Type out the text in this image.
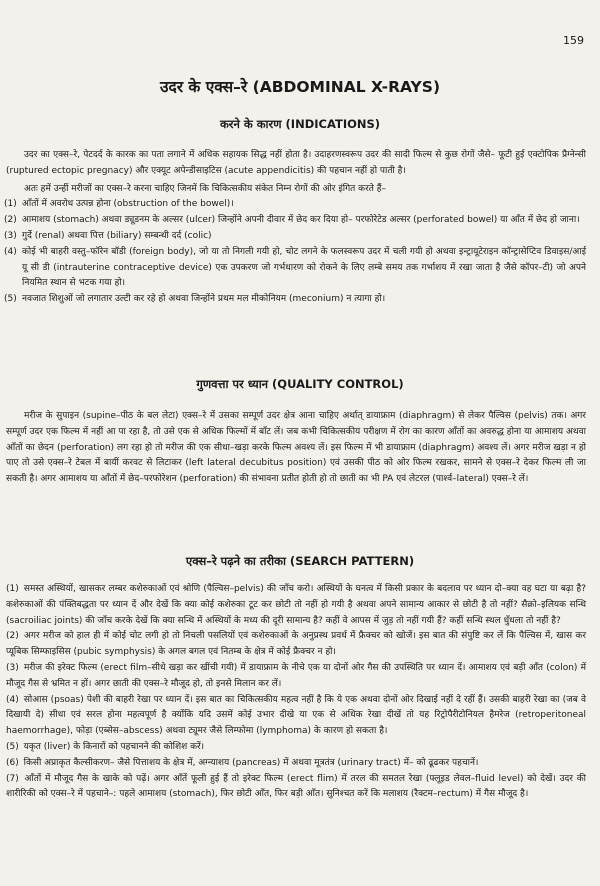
159
उदर के एक्स–रे (ABDOMINAL X-RAYS)
करने के कारण (INDICATIONS)

उदर का एक्स–रे, पेटदर्द के कारक का पता लगाने में अधिक सहायक सिद्ध नहीं होता है। उदाहरणस्वरूप उदर की सादी फिल्म से कुछ रोगों जैसे– फूटी हुई एक्टोपिक प्रैग्नेन्सी (ruptured ectopic pregnacy) और एक्यूट अपेन्डीसाइटिस (acute appendicitis) की पहचान नहीं हो पाती है।

अतः हमें उन्हीं मरीजों का एक्स–रे करना चाहिए जिनमें कि चिकित्सकीय संकेत निम्न रोगों की ओर इंगित करते हैं–

(1) आँतों में अवरोध उत्पन्न होना (obstruction of the bowel)।
(2) आमाशय (stomach) अथवा ड्यूडनम के अल्सर (ulcer) जिन्होंने अपनी दीवार में छेद कर दिया हो– परफोरेटेड अल्सर (perforated bowel) या आँत में छेद हो जाना।
(3) गुर्दे (renal) अथवा पित्त (biliary) सम्बन्धी दर्द (colic)
(4) कोई भी बाहरी वस्तु–फॉरेन बॉडी (foreign body), जो या तो निगली गयी हो, चोट लगने के फलस्वरूप उदर में चली गयी हो अथवा इन्ट्रायूटेराइन कॉन्ट्रासेप्टिव डिवाइस/आई यू सी डी (intrauterine contraceptive device) एक उपकरण जो गर्भधारण को रोकने के लिए लम्बे समय तक गर्भाशय में रखा जाता है जैसे कॉपर–टी) जो अपने नियमित स्थान से भटक गया हो।
(5) नवजात शिशुओं जो लगातार उल्टी कर रहे हो अथवा जिन्होंने प्रथम मल मीकोनियम (meconium) न त्यागा हो।
गुणवत्ता पर ध्यान (QUALITY CONTROL)

मरीज के सुपाइन (supine–पीठ के बल लेटा) एक्स–रे में उसका सम्पूर्ण उदर क्षेत्र आना चाहिए अर्थात् डायाफ्राम (diaphragm) से लेकर पैल्विस (pelvis) तक। अगर सम्पूर्ण उदर एक फिल्म में नहीं आ पा रहा है, तो उसे एक से अधिक फिल्मों में बाँट लें। जब कभी चिकित्सकीय परीक्षण में रोग का कारण आँतों का अवरुद्ध होना या आमाशय अथवा आँतों का छेदन (perforation) लग रहा हो तो मरीज की एक सीधा–खड़ा करके फिल्म अवश्य लें। इस फिल्म में भी डायाफ्राम (diaphragm) अवश्य लें। अगर मरीज खड़ा न हो पाए तो उसे एक्स–रे टेबल में बायीं करवट से लिटाकर (left lateral decubitus position) एवं उसकी पीठ को ओर फिल्म रखकर, सामने से एक्स–रे देकर फिल्म ली जा सकती है। अगर आमाशय या आँतों में छेद–परफोरेशन (perforation) की संभावना प्रतीत होती हो तो छाती का भी PA एवं लेटरल (पार्श्व–lateral) एक्स–रे लें।

एक्स–रे पढ़ने का तरीका (SEARCH PATTERN)
(1) समस्त अस्थियों, खासकर लम्बर कशेरुकाओं एवं श्रोणि (पैल्विस–pelvis) की जाँच करो। अस्थियों के घनत्व में किसी प्रकार के बदलाव पर ध्यान दो–क्या वह घटा या बढ़ा है? कशेरुकाओं की पंक्तिबद्धता पर ध्यान दें और देखें कि क्या कोई कशेरुका टूट कर छोटी तो नहीं हो गयी है अथवा अपने सामान्य आकार से छोटी है तो नहीं? सैक्रो–इलियक सन्धि (sacroiliac joints) की जाँच करके देखें कि क्या सन्धि में अस्थियों के मध्य की दूरी सामान्य है? कहीं वे आपस में जुड़ तो नहीं गयी हैं? कहीं सन्धि स्थल धुँधला तो नहीं है?
(2) अगर मरीज को हाल ही में कोई चोट लगी हो तो निचली पसलियों एवं कशेरुकाओं के अनुप्रस्थ प्रवर्ध में फ्रैक्चर को खोजें। इस बात की संपुष्टि कर लें कि पैल्विस में, खास कर प्यूबिक सिम्फाइसिस (pubic symphysis) के अगल बगल एवं नितम्ब के क्षेत्र में कोई फ्रैक्चर न हो।
(3) मरीज की इरेक्ट फिल्म (erect film–सीधे खड़ा कर खींची गयी) में डायाफ्राम के नीचे एक या दोनों ओर गैस की उपस्थिति पर ध्यान दें। आमाशय एवं बड़ी आँत (colon) में मौजूद गैस से भ्रमित न हों। अगर छाती की एक्स–रे मौजूद हो, तो इनसे मिलान कर लें।
(4) सोआस (psoas) पेशी की बाहरी रेखा पर ध्यान दें। इस बात का चिकित्सकीय महत्व नहीं है कि ये एक अथवा दोनों ओर दिखाई नहीं दे रहीं हैं। उसकी बाहरी रेखा का (जब वे दिखायी दे) सीधा एवं सरल होना महत्वपूर्ण है क्योंकि यदि उसमें कोई उभार दीखे या एक से अधिक रेखा दीखें तो यह रिट्रोपैरीटोनियल हैमरेज (retroperitoneal haemorrhage), फोड़ा (एब्सेस–abscess) अथवा ट्यूमर जैसे लिम्फोमा (lymphoma) के कारण हो सकता है।
(5) यकृत (liver) के किनारों को पहचानने की कोशिश करें।
(6) किसी अप्राकृत कैल्सीकरण– जैसे पित्ताशय के क्षेत्र में, अग्न्याशय (pancreas) में अथवा मूत्रतंत्र (urinary tract) में– को ढूढकर पहचानें।
(7) आँतों में मौजूद गैस के खाके को पढ़ें। अगर आँतें फूली हुई हैं तो इरेक्ट फिल्म (erect flim) में तरल की समतल रेखा (फ्लूइड लेवल–fluid level) को देखें। उदर की शारीरिकी को एक्स–रे में पहचाने–: पहले आमाशय (stomach), फिर छोटी आँत, फिर बड़ी आँत। सुनिश्चत करें कि मलाशय (रैक्टम–rectum) में गैस मौजूद है।
